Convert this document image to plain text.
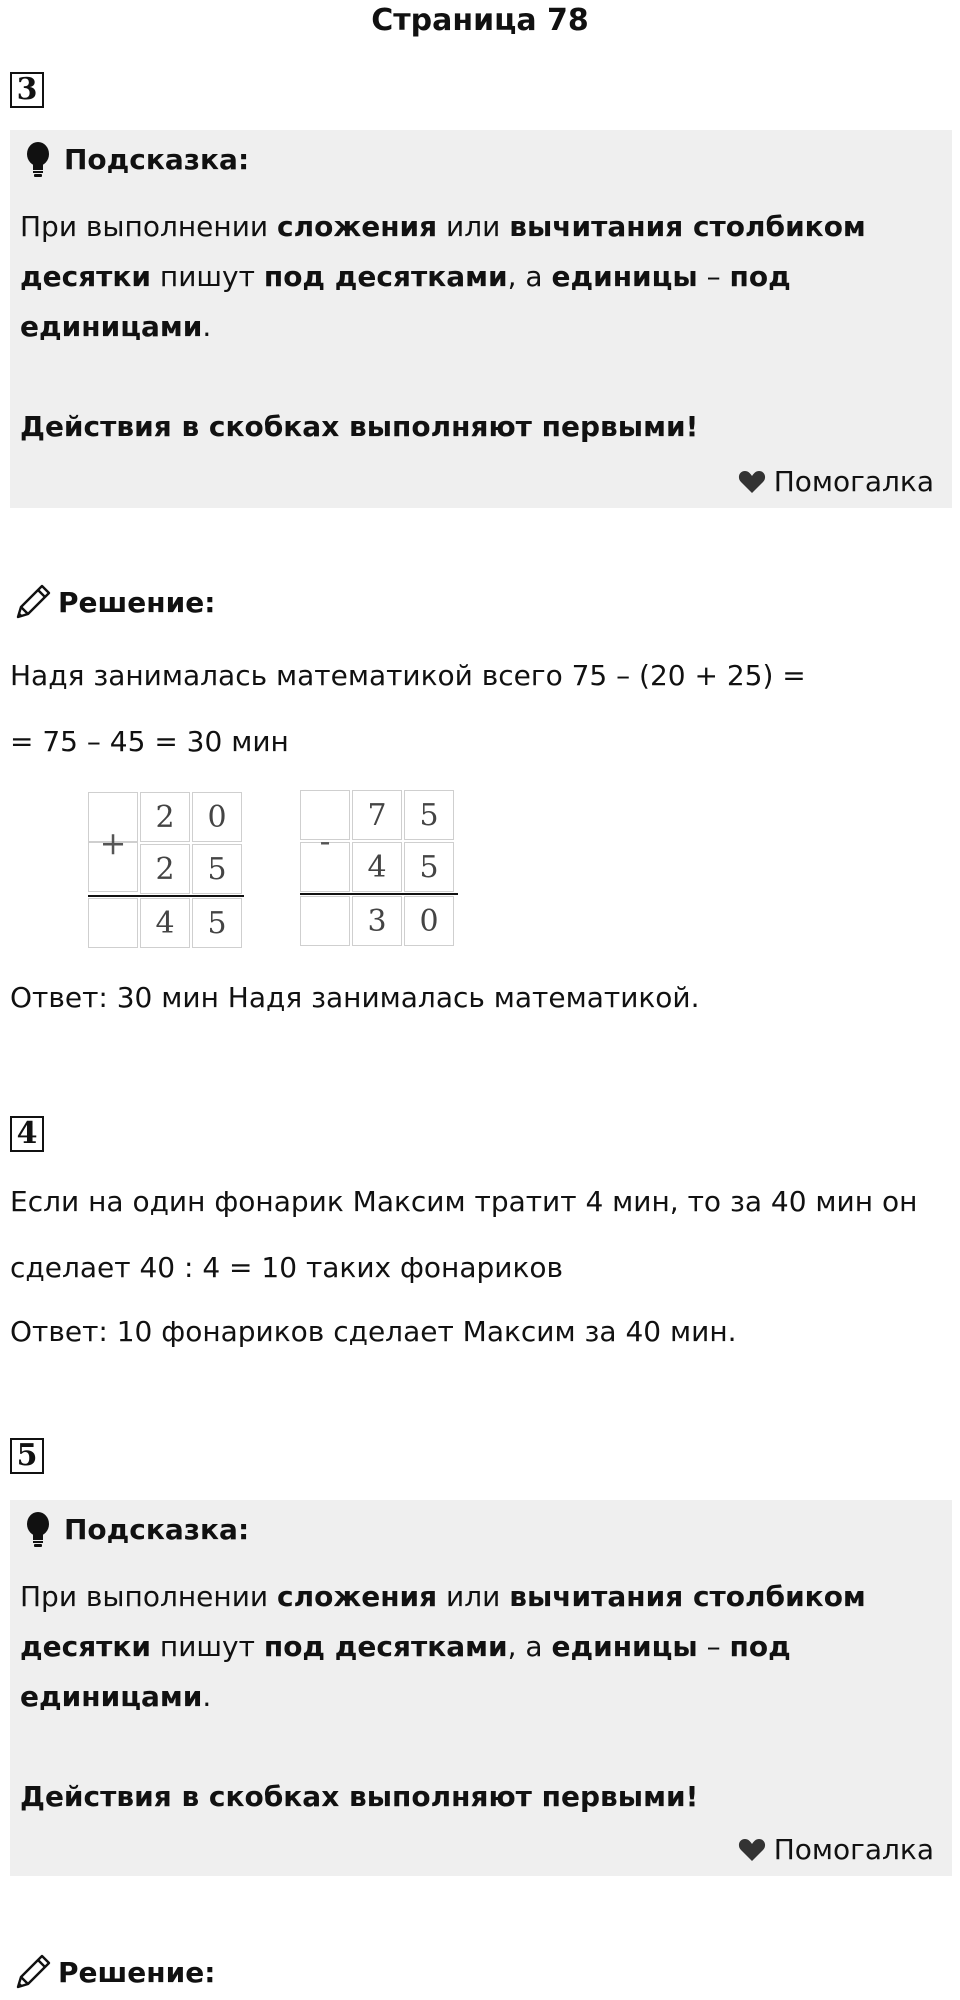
Страница 78
3
Подсказка:

При выполнении сложения или вычитания столбиком десятки пишут под десятками, а единицы – под единицами.

Действия в скобках выполняют первыми!

Помогалка
Решение:
Надя занималась математикой всего 75 – (20 + 25) =
= 75 – 45 = 30 мин
+
2	0
2	5
4	5
-
7	5
4	5
3	0
Ответ: 30 мин Надя занималась математикой.
4
Если на один фонарик Максим тратит 4 мин, то за 40 мин он
сделает 40 : 4 = 10 таких фонариков
Ответ: 10 фонариков сделает Максим за 40 мин.
5
Подсказка:

При выполнении сложения или вычитания столбиком десятки пишут под десятками, а единицы – под единицами.

Действия в скобках выполняют первыми!

Помогалка
Решение:
